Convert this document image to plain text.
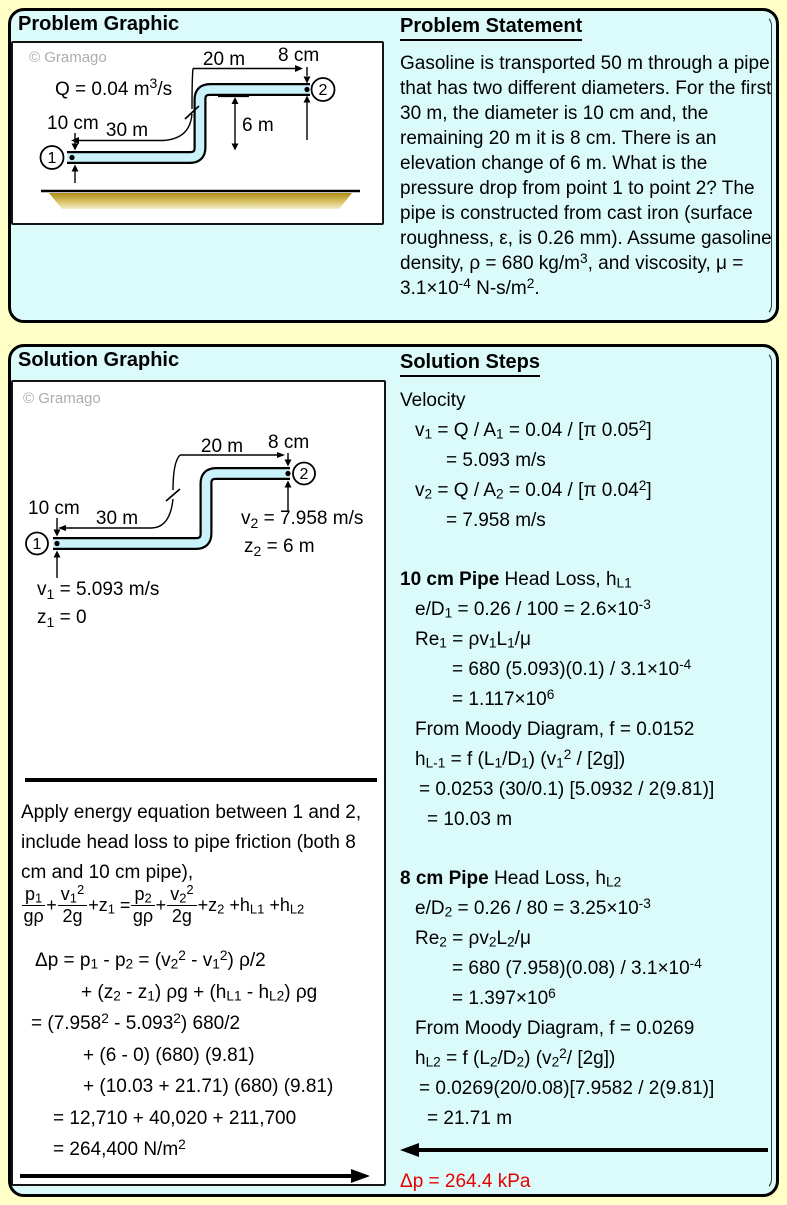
Problem Graphic
© Gramago
Q = 0.04 $m^3/s$
20 m
30 m
8 cm
10 cm	6 m
1
2
Problem Statement
Gasoline is transported 50 m through a pipe that has two different diameters. For the first 30 m, the diameter is 10 cm and, the remaining 20 m it is 8 cm. There is an elevation change of 6 m. What is the pressure drop from point 1 to point 2? The pipe is constructed from cast iron (surface roughness, ε, is 0.26 mm). Assume gasoline density, ρ = 680 $kg/m^3$, and viscosity, $\mu = 3.1\times 10^{-4}$ $N-s/m^2$.
Solution Graphic
© Gramago
20 m 8 cm
30 m
10 cm
1
2
$v_2 = 7.958$ m/s
$z_2 = 6$ m
$v_1 = 5.093$ m/s
$z_1 = 0$
Apply energy equation between 1 and 2, include head loss to pipe friction (both 8 cm and 10 cm pipe),
$\frac{p_1}{g\rho} + \frac{v_1^2}{2g} +z_1 = \frac{p_2}{g\rho} + \frac{v_2^2}{2g} +z_2 +h_{L1} +h_{L2}$
$\Delta p = p_1 - p_2 = (v_2^2 - v_1^2)$ ρ/2
+ $(z_2 - z_1) \rho g + (h_{L1} - h_{L2})$ ρg
= $(7.958^2 - 5.093^2)$ 680/2
+ (6 - 0) (680) (9.81)
+ (10.03 + 21.71) (680) (9.81)
= 12,710 + 40,020 + 211,700
= 264,400 $N/m^2$
Solution Steps
Velocity
$v_1 = Q / A_1 = 0.04 / [\pi$ $0.05^2$]
= 5.093 m/s
$v_2 = Q / A_2 = 0.04 / [\pi$ $0.04^2$]
= 7.958 m/s
10 cm Pipe Head Loss, $h_{L1}$
$e/D_1 = 0.26 / 100 = 2.6\times 10^{-3}$
$Re_1 = \rho v_1L_1/\mu$
= 680 $(5.093)(0.1) / 3.1\times 10^{-4}$
= $1.117\times 10^6$
From Moody Diagram, f = 0.0152
$h_{L-1} = f$ $(L_1/D_1)$ $(v_1^2 / [2g])$
= 0.0253 (30/0.1) [5.0932 / 2(9.81)]
= 10.03 m
8 cm Pipe Head Loss, $h_{L2}$
$e/D_2 = 0.26 / 80 = 3.25\times 10^{-3}$
$Re_2 = \rho v_2L_2/\mu$
= 680 $(7.958)(0.08) / 3.1\times 10^{-4}$
= $1.397\times 10^6$
From Moody Diagram, f = 0.0269
$h_{L2} = f$ $(L_2/D_2)$ ($v_2^2/$ [2g])
= 0.0269(20/0.08)[7.9582 / 2(9.81)]
= 21.71 m
Δp = 264.4 kPa
